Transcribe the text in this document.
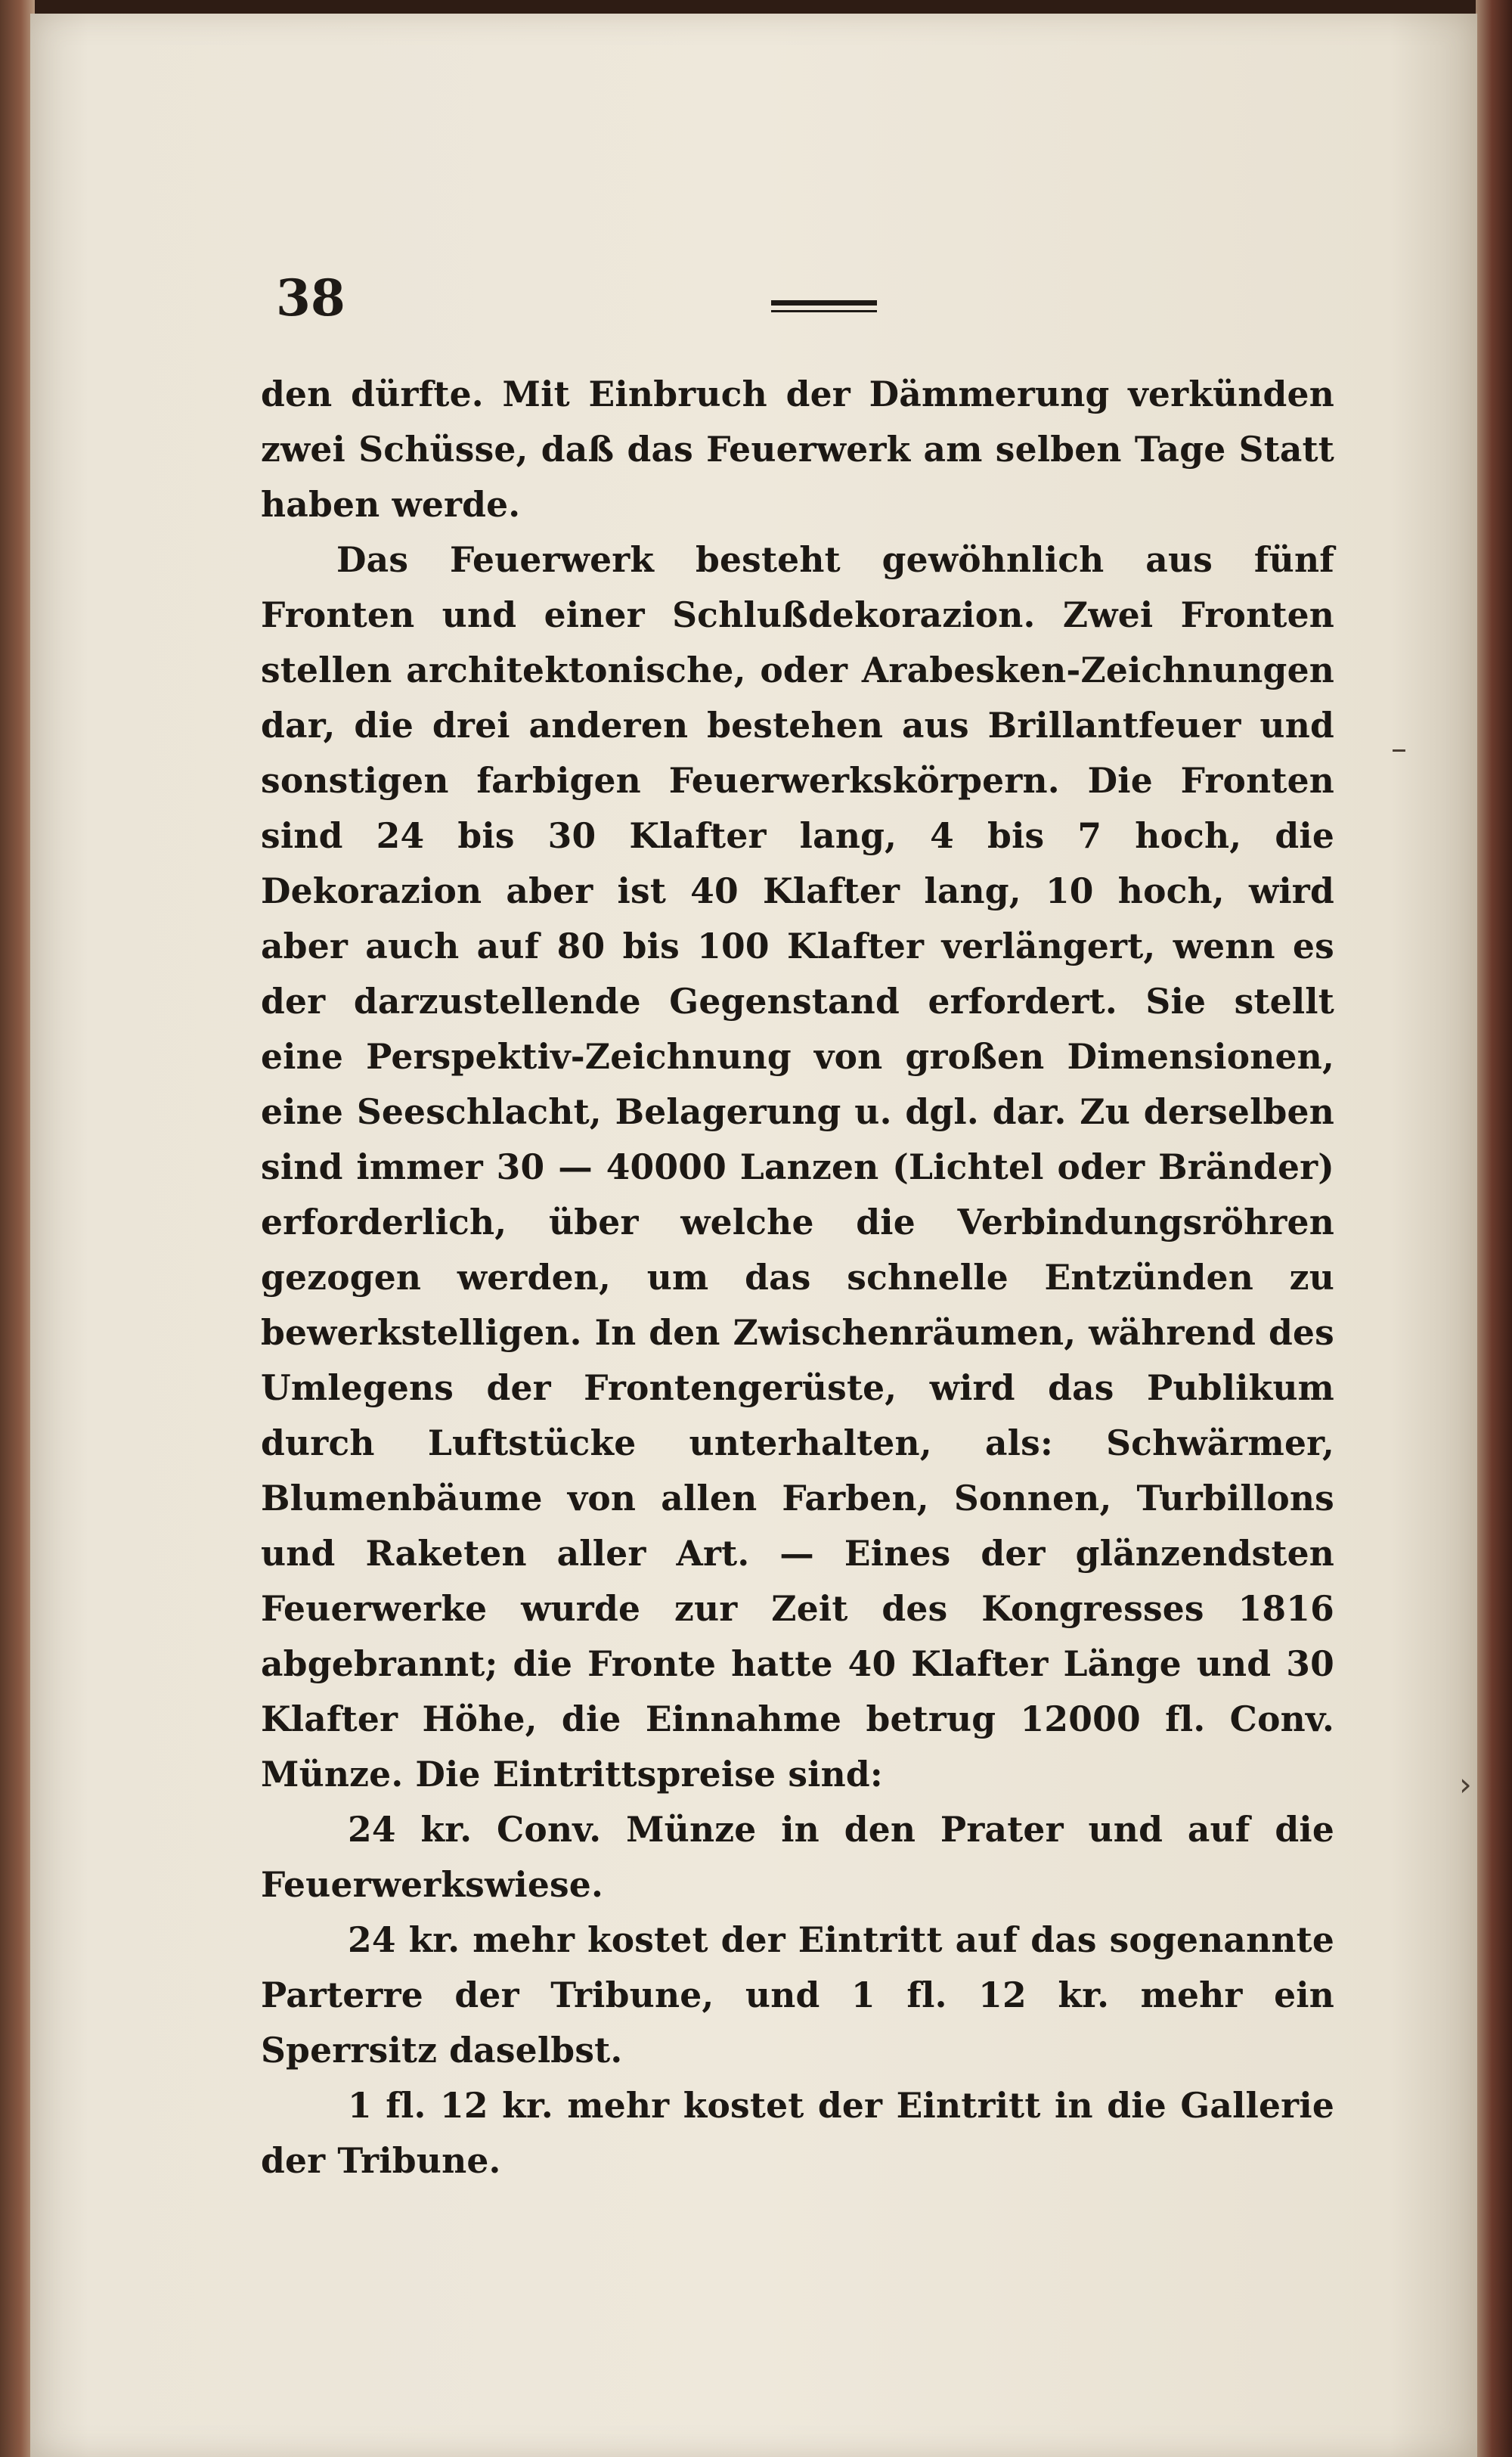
38

den dürfte. Mit Einbruch der Dämmerung verkünden zwei Schüsse, daß das Feuerwerk am selben Tage Statt haben werde.

Das Feuerwerk besteht gewöhnlich aus fünf Fronten und einer Schlußdekorazion. Zwei Fronten stellen architektonische, oder Arabesken-Zeichnungen dar, die drei anderen bestehen aus Brillantfeuer und sonstigen farbigen Feuerwerkskörpern. Die Fronten sind 24 bis 30 Klafter lang, 4 bis 7 hoch, die Dekorazion aber ist 40 Klafter lang, 10 hoch, wird aber auch auf 80 bis 100 Klafter verlängert, wenn es der darzustellende Gegenstand erfordert. Sie stellt eine Perspektiv-Zeichnung von großen Dimensionen, eine Seeschlacht, Belagerung u. dgl. dar. Zu derselben sind immer 30 — 40000 Lanzen (Lichtel oder Bränder) erforderlich, über welche die Verbindungsröhren gezogen werden, um das schnelle Entzünden zu bewerkstelligen. In den Zwischenräumen, während des Umlegens der Frontengerüste, wird das Publikum durch Luftstücke unterhalten, als: Schwärmer, Blumenbäume von allen Farben, Sonnen, Turbillons und Raketen aller Art. — Eines der glänzendsten Feuerwerke wurde zur Zeit des Kongresses 1816 abgebrannt; die Fronte hatte 40 Klafter Länge und 30 Klafter Höhe, die Einnahme betrug 12000 fl. Conv. Münze. Die Eintrittspreise sind:

24 kr. Conv. Münze in den Prater und auf die Feuerwerkswiese.

24 kr. mehr kostet der Eintritt auf das sogenannte Parterre der Tribune, und 1 fl. 12 kr. mehr ein Sperrsitz daselbst.

1 fl. 12 kr. mehr kostet der Eintritt in die Gallerie der Tribune.

–
›
